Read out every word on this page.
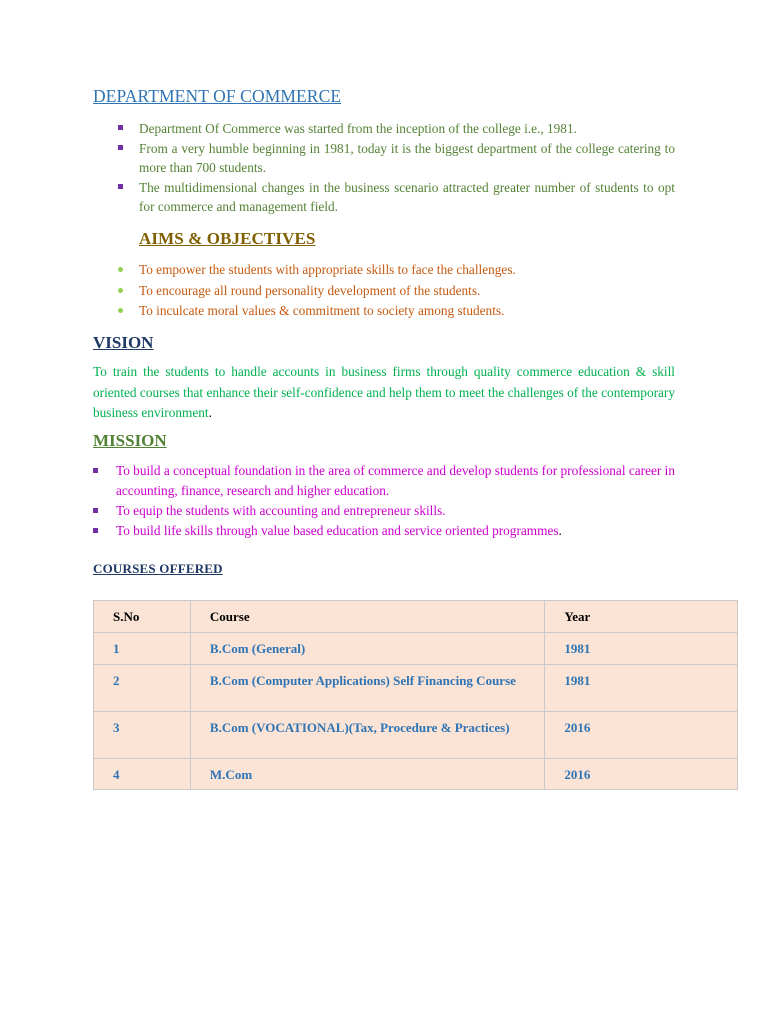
DEPARTMENT OF COMMERCE
Department Of Commerce was started from the inception of the college i.e., 1981.
From a very humble beginning in 1981, today it is the biggest department of the college catering to more than 700 students.
The multidimensional changes in the business scenario attracted greater number of students to opt for commerce and management field.
AIMS & OBJECTIVES
To empower the students with appropriate skills to face the challenges.
To encourage all round personality development of the students.
To inculcate moral values & commitment to society among students.
VISION

To train the students to handle accounts in business firms through quality commerce education & skill oriented courses that enhance their self-confidence and help them to meet the challenges of the contemporary business environment.

MISSION
To build a conceptual foundation in the area of commerce and develop students for professional career in accounting, finance, research and higher education.
To equip the students with accounting and entrepreneur skills.
To build life skills through value based education and service oriented programmes.
COURSES OFFERED
S.No	Course	Year
1	B.Com (General)	1981
2	B.Com (Computer Applications) Self Financing Course	1981
3	B.Com (VOCATIONAL)(Tax, Procedure & Practices)	2016
4	M.Com	2016
